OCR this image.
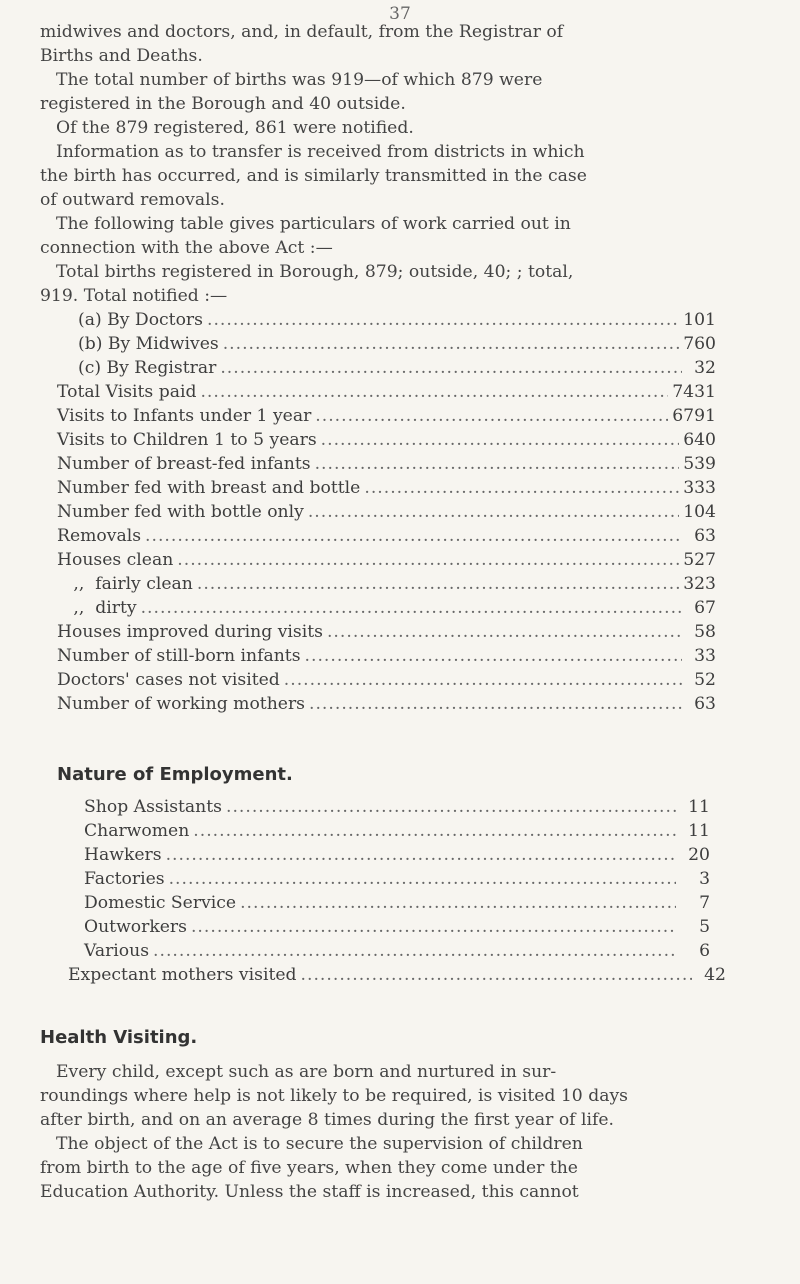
37

midwives and doctors, and, in default, from the Registrar of

Births and Deaths.

The total number of births was 919—of which 879 were

registered in the Borough and 40 outside.

Of the 879 registered, 861 were notified.

Information as to transfer is received from districts in which

the birth has occurred, and is similarly transmitted in the case

of outward removals.

The following table gives particulars of work carried out in

connection with the above Act :—

Total births registered in Borough, 879; outside, 40; ; total,

919. Total notified :—

(a) By Doctors .....	101
(b) By Midwives .....	760
(c) By Registrar .....	32
Total Visits paid .....	7431
Visits to Infants under 1 year .....	6791
Visits to Children 1 to 5 years .....	640
Number of breast-fed infants .....	539
Number fed with breast and bottle .....	333
Number fed with bottle only .....	104
Removals .....	63
Houses clean .....	527
,,  fairly clean .....	323
,,  dirty .....	67
Houses improved during visits .....	58
Number of still-born infants .....	33
Doctors' cases not visited .....	52
Number of working mothers .....	63
Nature of Employment.
Shop Assistants .....	11
Charwomen .....	11
Hawkers .....	20
Factories .....	3
Domestic Service .....	7
Outworkers .....	5
Various .....	6
Expectant mothers visited .....	42
Health Visiting.

Every child, except such as are born and nurtured in sur-

roundings where help is not likely to be required, is visited 10 days

after birth, and on an average 8 times during the first year of life.

The object of the Act is to secure the supervision of children

from birth to the age of five years, when they come under the

Education Authority. Unless the staff is increased, this cannot
